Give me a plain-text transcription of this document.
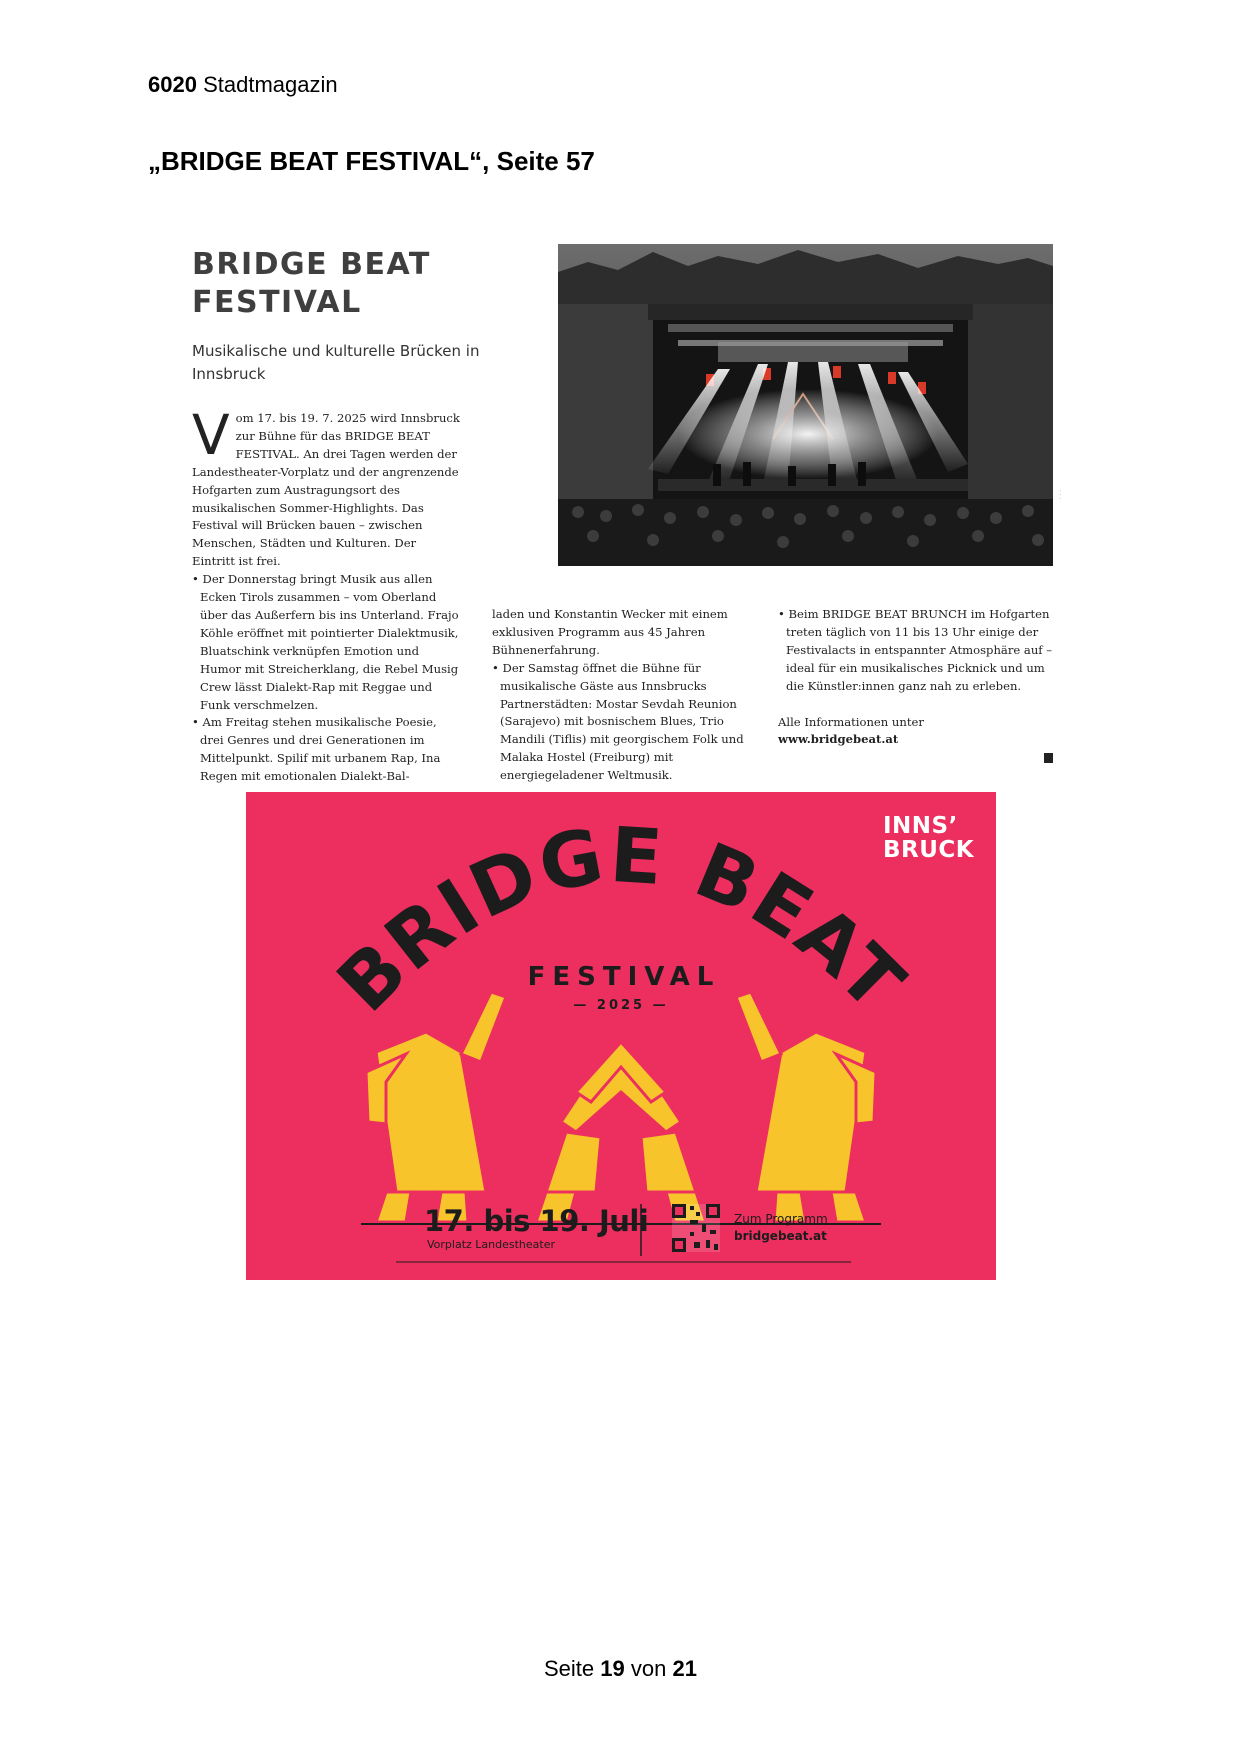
6020 Stadtmagazin
„BRIDGE BEAT FESTIVAL“, Seite 57
BRIDGE BEAT
FESTIVAL
Musikalische und kulturelle Brücken in Innsbruck

Vom 17. bis 19. 7. 2025 wird Innsbruck zur Bühne für das BRIDGE BEAT FESTIVAL. An drei Tagen werden der Landestheater-Vorplatz und der angrenzende Hofgarten zum Austragungsort des musikalischen Sommer-Highlights. Das Festival will Brücken bauen – zwischen Menschen, Städten und Kulturen. Der Eintritt ist frei.

• Der Donnerstag bringt Musik aus allen Ecken Tirols zusammen – vom Oberland über das Außerfern bis ins Unterland. Frajo Köhle eröffnet mit pointierter Dialektmusik, Bluatschink verknüpfen Emotion und Humor mit Streicherklang, die Rebel Musig Crew lässt Dialekt-Rap mit Reggae und Funk verschmelzen.

• Am Freitag stehen musikalische Poesie, drei Genres und drei Generationen im Mittelpunkt. Spilif mit urbanem Rap, Ina Regen mit emotionalen Dialekt-Bal-

laden und Konstantin Wecker mit einem exklusiven Programm aus 45 Jahren Bühnenerfahrung.

• Der Samstag öffnet die Bühne für musikalische Gäste aus Innsbrucks Partnerstädten: Mostar Sevdah Reunion (Sarajevo) mit bosnischem Blues, Trio Mandili (Tiflis) mit georgischem Folk und Malaka Hostel (Freiburg) mit energiegeladener Weltmusik.

• Beim BRIDGE BEAT BRUNCH im Hofgarten treten täglich von 11 bis 13 Uhr einige der Festivalacts in entspannter Atmosphäre auf – ideal für ein musikalisches Picknick und um die Künstler:innen ganz nah zu erleben.

Alle Informationen unter

www.bridgebeat.at

· · ·
BRIDGE BEAT
INNS’
BRUCK
FESTIVAL
— 2025 —
17. bis 19. Juli
Vorplatz Landestheater
Zum Programm
bridgebeat.at
Seite 19 von 21
